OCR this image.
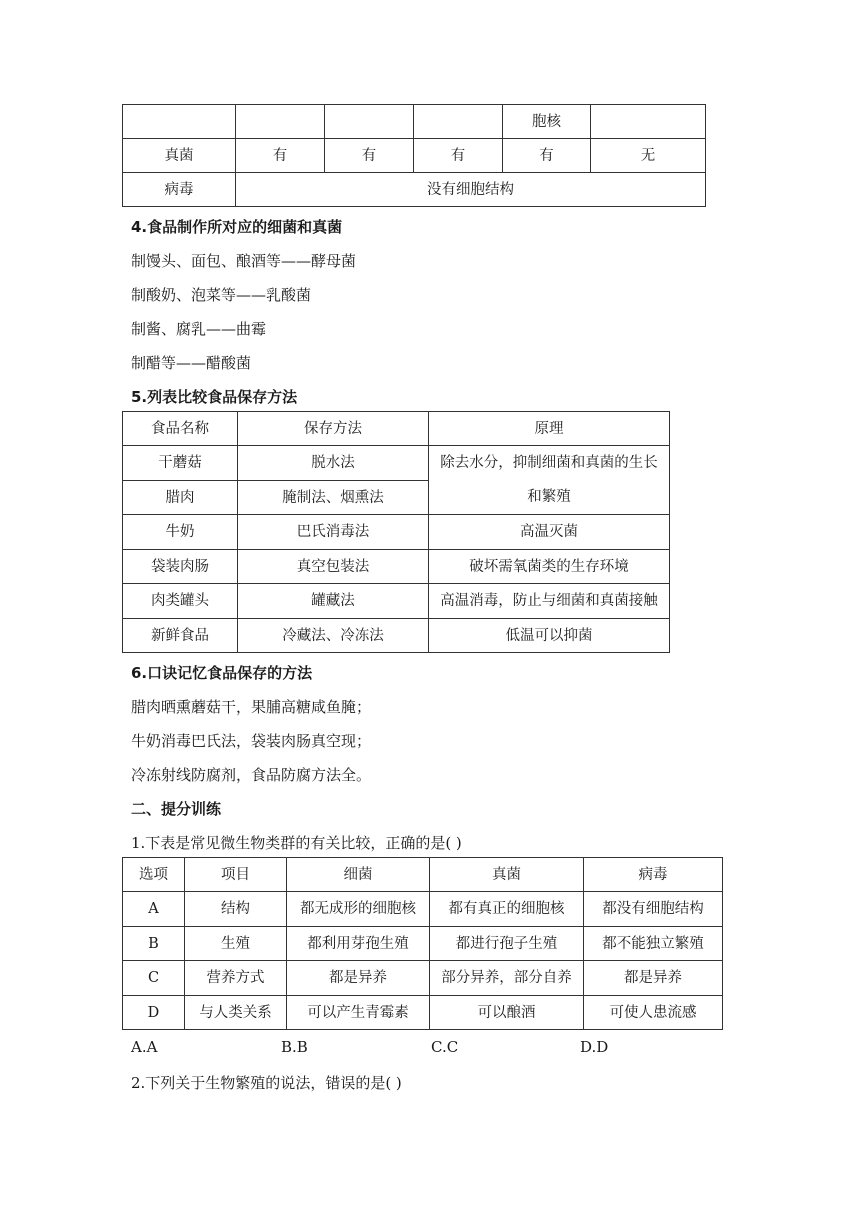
				胞核	
真菌	有	有	有	有	无
病毒	没有细胞结构				
4.食品制作所对应的细菌和真菌
制馒头、面包、酿酒等——酵母菌
制酸奶、泡菜等——乳酸菌
制酱、腐乳——曲霉
制醋等——醋酸菌
5.列表比较食品保存方法
食品名称	保存方法	原理
干蘑菇	脱水法	除去水分，抑制细菌和真菌的生长和繁殖
腊肉	腌制法、烟熏法	
牛奶	巴氏消毒法	高温灭菌
袋装肉肠	真空包装法	破坏需氧菌类的生存环境
肉类罐头	罐藏法	高温消毒，防止与细菌和真菌接触
新鲜食品	冷藏法、冷冻法	低温可以抑菌
6.口诀记忆食品保存的方法
腊肉晒熏蘑菇干，果脯高糖咸鱼腌；
牛奶消毒巴氏法，袋装肉肠真空现；
冷冻射线防腐剂，食品防腐方法全。
二、提分训练
1.下表是常见微生物类群的有关比较，正确的是( )
选项	项目	细菌	真菌	病毒
A	结构	都无成形的细胞核	都有真正的细胞核	都没有细胞结构
B	生殖	都利用芽孢生殖	都进行孢子生殖	都不能独立繁殖
C	营养方式	都是异养	部分异养，部分自养	都是异养
D	与人类关系	可以产生青霉素	可以酿酒	可使人患流感
A.A	B.B	C.C	D.D
2.下列关于生物繁殖的说法，错误的是( )
